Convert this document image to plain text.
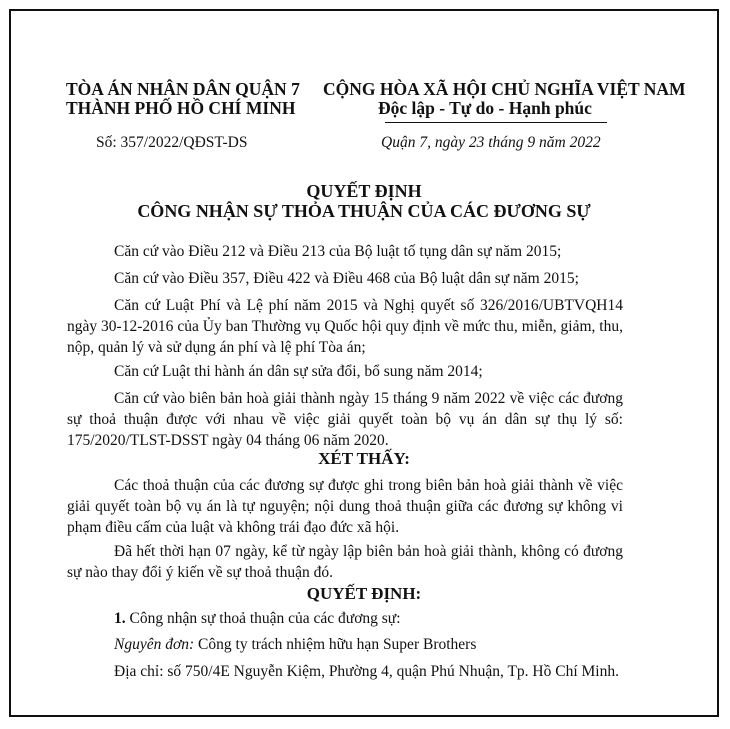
TÒA ÁN NHÂN DÂN QUẬN 7
THÀNH PHỐ HỒ CHÍ MINH
Số: 357/2022/QĐST-DS
CỘNG HÒA XÃ HỘI CHỦ NGHĨA VIỆT NAM
Độc lập - Tự do - Hạnh phúc
Quận 7, ngày 23 tháng 9 năm 2022
QUYẾT ĐỊNH
CÔNG NHẬN SỰ THỎA THUẬN CỦA CÁC ĐƯƠNG SỰ
Căn cứ vào Điều 212 và Điều 213 của Bộ luật tố tụng dân sự năm 2015;
Căn cứ vào Điều 357, Điều 422 và Điều 468 của Bộ luật dân sự năm 2015;
Căn cứ Luật Phí và Lệ phí năm 2015 và Nghị quyết số 326/2016/UBTVQH14 ngày 30-12-2016 của Ủy ban Thường vụ Quốc hội quy định về mức thu, miễn, giảm, thu, nộp, quản lý và sử dụng án phí và lệ phí Tòa án;
Căn cứ Luật thi hành án dân sự sửa đổi, bổ sung năm 2014;
Căn cứ vào biên bản hoà giải thành ngày 15 tháng 9 năm 2022 về việc các đương sự thoả thuận được với nhau về việc giải quyết toàn bộ vụ án dân sự thụ lý số: 175/2020/TLST-DSST ngày 04 tháng 06 năm 2020.
XÉT THẤY:
Các thoả thuận của các đương sự được ghi trong biên bản hoà giải thành về việc giải quyết toàn bộ vụ án là tự nguyện; nội dung thoả thuận giữa các đương sự không vi phạm điều cấm của luật và không trái đạo đức xã hội.
Đã hết thời hạn 07 ngày, kể từ ngày lập biên bản hoà giải thành, không có đương sự nào thay đổi ý kiến về sự thoả thuận đó.
QUYẾT ĐỊNH:
1. Công nhận sự thoả thuận của các đương sự:
Nguyên đơn: Công ty trách nhiệm hữu hạn Super Brothers
Địa chỉ: số 750/4E Nguyễn Kiệm, Phường 4, quận Phú Nhuận, Tp. Hồ Chí Minh.
